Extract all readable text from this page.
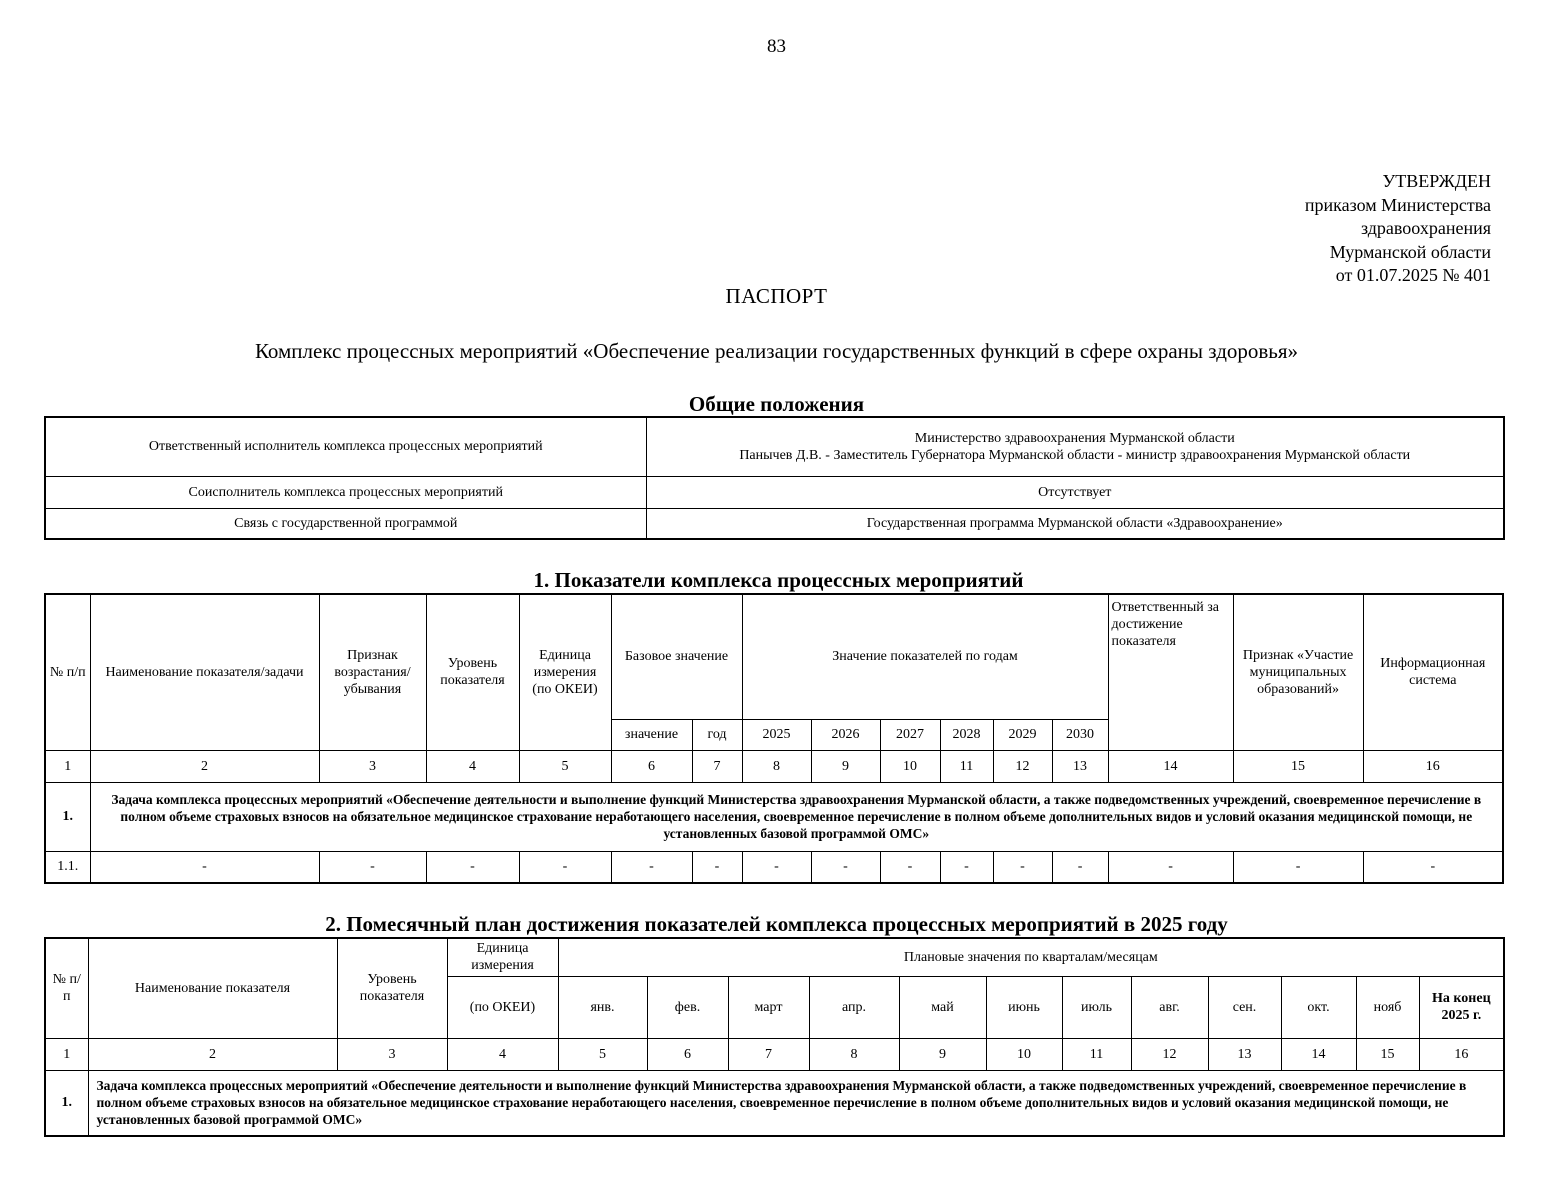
83
УТВЕРЖДЕН
приказом Министерства
здравоохранения
Мурманской области
от 01.07.2025 № 401
ПАСПОРТ
Комплекс процессных мероприятий «Обеспечение реализации государственных функций в сфере охраны здоровья»
Общие положения
Ответственный исполнитель комплекса процессных мероприятий	Министерство здравоохранения Мурманской области
Панычев Д.В. - Заместитель Губернатора Мурманской области - министр здравоохранения Мурманской области

Соисполнитель комплекса процессных мероприятий	Отсутствует
Связь с государственной программой	Государственная программа Мурманской области «Здравоохранение»
1. Показатели комплекса процессных мероприятий
№ п/п	Наименование показателя/задачи	Признак возрастания/ убывания	Уровень показателя	Единица измерения (по ОКЕИ)	Базовое значение		Значение показателей по годам						Ответственный за достижение показателя	Признак «Участие муниципальных образований»	Информационная система
					значение	год	2025	2026	2027	2028	2029	2030			
1	2	3	4	5	6	7	8	9	10	11	12	13	14	15	16
1.	Задача комплекса процессных мероприятий «Обеспечение деятельности и выполнение функций Министерства здравоохранения Мурманской области, а также подведомственных учреждений, своевременное перечисление в полном объеме страховых взносов на обязательное медицинское страхование неработающего населения, своевременное перечисление в полном объеме дополнительных видов и условий оказания медицинской помощи, не установленных базовой программой ОМС»														
1.1.	-	-	-	-	-	-	-	-	-	-	-	-	-	-	-
2. Помесячный план достижения показателей комплекса процессных мероприятий в 2025 году
№ п/п	Наименование показателя	Уровень показателя	Единица измерения	Плановые значения по кварталам/месяцам											
			(по ОКЕИ)	янв.	фев.	март	апр.	май	июнь	июль	авг.	сен.	окт.	нояб	На конец 2025 г.
1	2	3	4	5	6	7	8	9	10	11	12	13	14	15	16
1.	Задача комплекса процессных мероприятий «Обеспечение деятельности и выполнение функций Министерства здравоохранения Мурманской области, а также подведомственных учреждений, своевременное перечисление в полном объеме страховых взносов на обязательное медицинское страхование неработающего населения, своевременное перечисление в полном объеме дополнительных видов и условий оказания медицинской помощи, не установленных базовой программой ОМС»														
